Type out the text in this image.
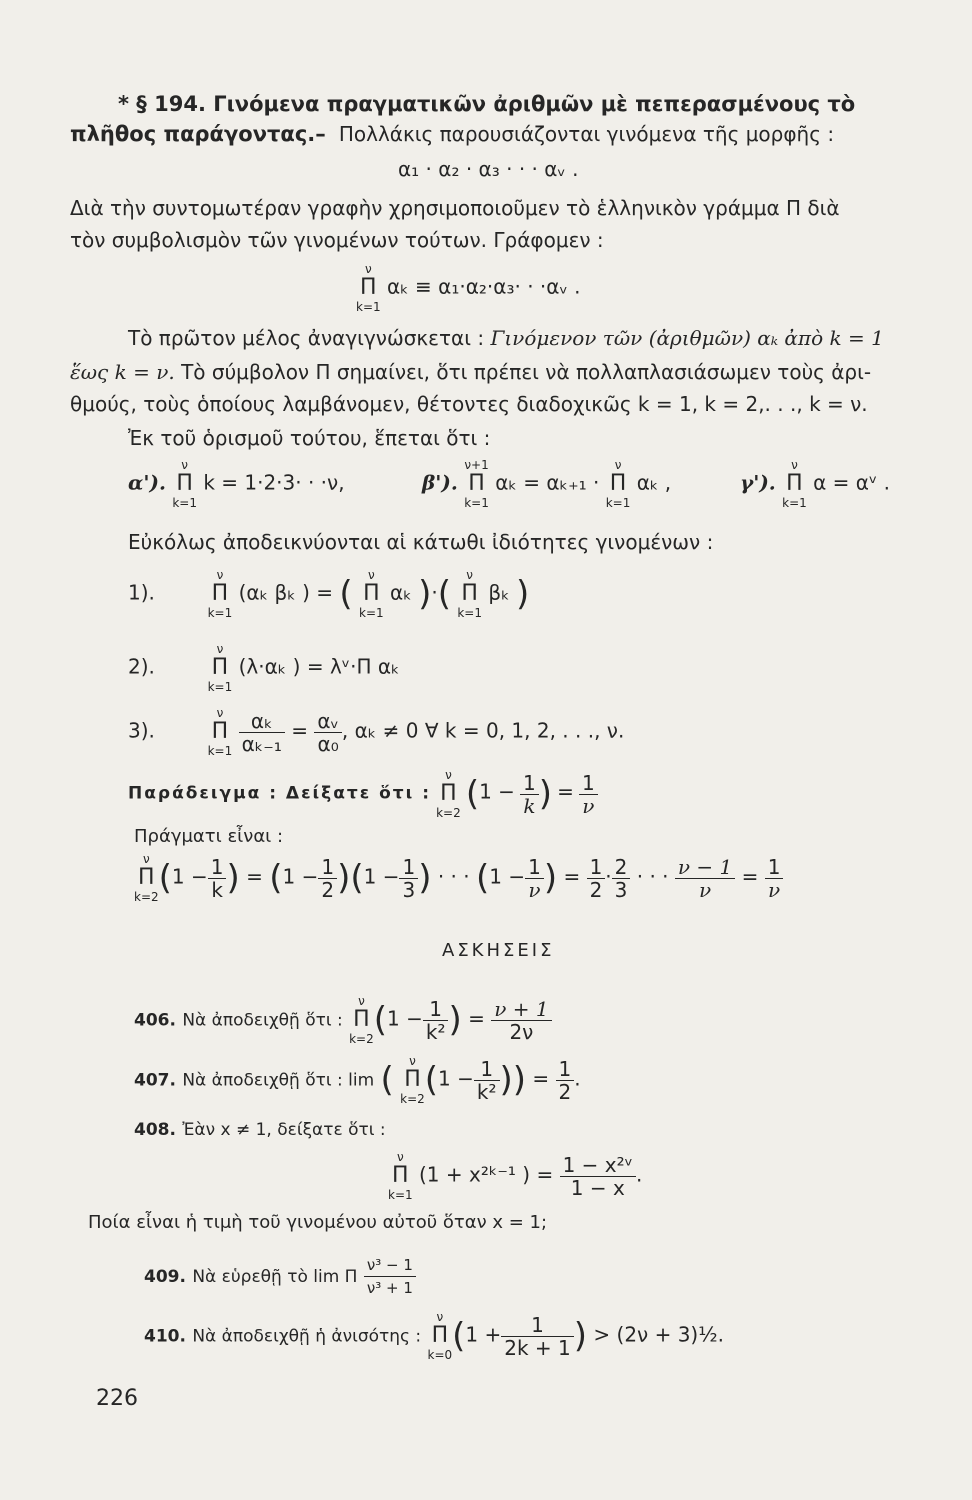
* § 194. Γινόμενα πραγματικῶν ἀριθμῶν μὲ πεπερασμένους τὸ
πλῆθος παράγοντας.– Πολλάκις παρουσιάζονται γινόμενα τῆς μορφῆς :
α₁ · α₂ · α₃ · · · αᵥ .
Διὰ τὴν συντομωτέραν γραφὴν χρησιμοποιοῦμεν τὸ ἑλληνικὸν γράμμα Π διὰ
τὸν συμβολισμὸν τῶν γινομένων τούτων. Γράφομεν :
ν
Π
k=1
αₖ ≡ α₁·α₂·α₃· · ·αᵥ .
Τὸ πρῶτον μέλος ἀναγιγνώσκεται : Γινόμενον τῶν (ἀριθμῶν) αₖ ἀπὸ k = 1
ἕως k = ν. Τὸ σύμβολον Π σημαίνει, ὅτι πρέπει νὰ πολλαπλασιάσωμεν τοὺς ἀρι-
θμούς, τοὺς ὁποίους λαμβάνομεν, θέτοντες διαδοχικῶς k = 1, k = 2,. . ., k = ν.
Ἐκ τοῦ ὁρισμοῦ τούτου, ἕπεται ὅτι :
α').
ν
Π
k=1
k = 1·2·3· · ·ν,	β').
ν+1
Π
k=1
αₖ = αₖ₊₁ ·
ν
Π
k=1
αₖ ,	γ').
ν
Π
k=1
α = αᵛ .
Εὐκόλως ἀποδεικνύονται αἱ κάτωθι ἰδιότητες γινομένων :
1).
ν
Π
k=1
(αₖ βₖ ) = (	ν
Π
k=1
αₖ )·(	ν
Π
k=1
βₖ )
2).
ν
Π
k=1
(λ·αₖ ) = λᵛ·Π αₖ
3).
ν
Π
k=1
$\frac{\text{αₖ}}{\text{αₖ₋₁}} = \frac{\text{αᵥ}}{\text{α₀}}$ , αₖ ≠ 0 ∀ k = 0, 1, 2, . . ., ν.
Παράδειγμα : Δείξατε ὅτι :
ν
Π
k=2 ($1 - \frac{1}{k}$ ) = $\frac{1}{\nu}$
Πράγματι εἶναι :
ν
Π
k=2 ($1 - \frac{1}{k}$ ) = $(1 - \frac{1}{2} )(1 - \frac{1}{3}$ ) · · · ($1 - \frac{1}{\nu}$ ) = $\frac{1}{2} \cdot \frac{2}{3}$ · · · $\frac{\nu - 1}{\nu} = \frac{1}{\nu}$
ΑΣΚΗΣΕΙΣ
406. Νὰ ἀποδειχθῇ ὅτι :
ν
Π
k=2 ($1 - \frac{1}{\text{k²}}$ ) = $\frac{\nu + 1}{2\nu}$
407. Νὰ ἀποδειχθῇ ὅτι : lim (	ν
Π
k=2 ($1 - \frac{1}{\text{k²}}$ )) = $\frac{1}{2}$ .
408. Ἐὰν x ≠ 1, δείξατε ὅτι :
ν
Π
k=1
(1 + x²ᵏ⁻¹ ) = $\frac{\text{1 − x²ᵛ}}{1 - x}$ .
Ποία εἶναι ἡ τιμὴ τοῦ γινομένου αὐτοῦ ὅταν x = 1;
409. Νὰ εὑρεθῇ τὸ lim Π $\frac{\text{ν³ − 1}}{\text{ν³ + 1}}$
410. Νὰ ἀποδειχθῇ ἡ ἀνισότης :
ν
Π
k=0 ($1 + \frac{1}{2k + 1}$ ) > (2ν + 3)½.
226
